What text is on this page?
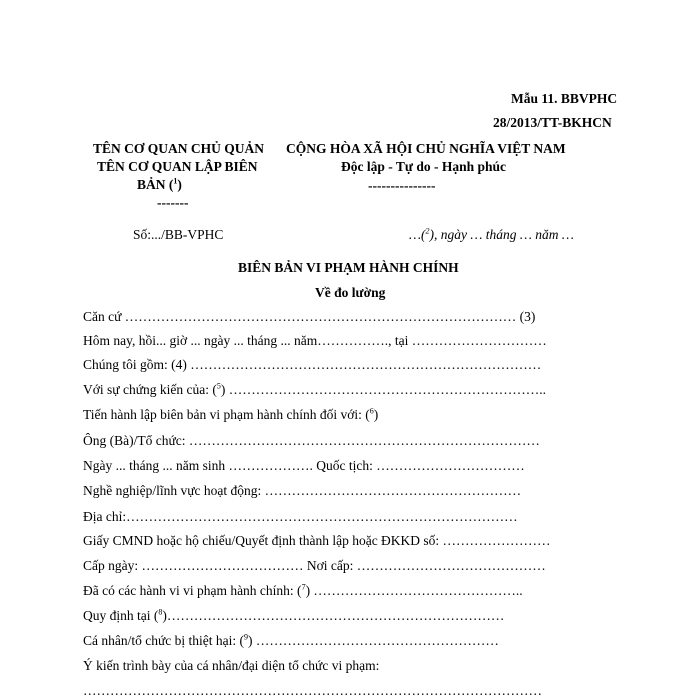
Mẫu 11. BBVPHC
28/2013/TT-BKHCN
TÊN CƠ QUAN CHỦ QUẢN
TÊN CƠ QUAN LẬP BIÊN
BẢN ($^1$)
-------
CỘNG HÒA XÃ HỘI CHỦ NGHĨA VIỆT NAM
Độc lập - Tự do - Hạnh phúc
---------------
Số:.../BB-VPHC	…($^2$), ngày … tháng … năm …
BIÊN BẢN VI PHẠM HÀNH CHÍNH
Về đo lường
Căn cứ …………………………………………………………………………… (3)
Hôm nay, hồi... giờ ... ngày ... tháng ... năm……………., tại …………………………
Chúng tôi gồm: (4) ……………………………………………………………………
Với sự chứng kiến của: ($^5$) ……………………………………………………………..
Tiến hành lập biên bản vi phạm hành chính đối với: ($^6$)
Ông (Bà)/Tổ chức: ……………………………………………………………………
Ngày ... tháng ... năm sinh ………………. Quốc tịch: ……………………………
Nghề nghiệp/lĩnh vực hoạt động: …………………………………………………
Địa chỉ:……………………………………………………………………………
Giấy CMND hoặc hộ chiếu/Quyết định thành lập hoặc ĐKKD số: ……………………
Cấp ngày: ……………………………… Nơi cấp: ……………………………………
Đã có các hành vi vi phạm hành chính: ($^7$) ………………………………………..
Quy định tại ($^8$)…………………………………………………………………
Cá nhân/tổ chức bị thiệt hại: ($^9$) ………………………………………………
Ý kiến trình bày của cá nhân/đại diện tổ chức vi phạm:
…………………………………………………………………………………………
